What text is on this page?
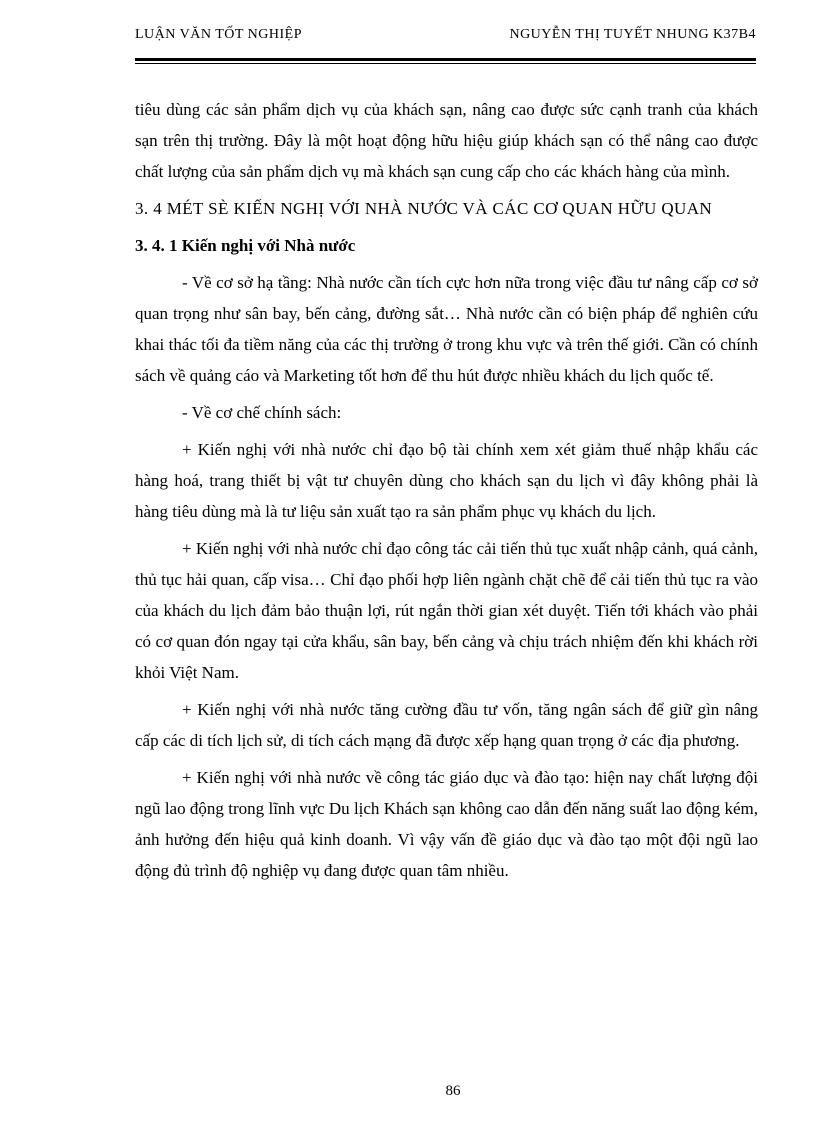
LUẬN VĂN TỐT NGHIỆP	NGUYỄN THỊ TUYẾT NHUNG K37B4

tiêu dùng các sản phẩm dịch vụ của khách sạn, nâng cao được sức cạnh tranh của khách sạn trên thị trường. Đây là một hoạt động hữu hiệu giúp khách sạn có thể nâng cao được chất lượng của sản phẩm dịch vụ mà khách sạn cung cấp cho các khách hàng của mình.

3. 4 MÉT SÈ KIẾN NGHỊ VỚI NHÀ NƯỚC VÀ CÁC CƠ QUAN HỮU QUAN

3. 4. 1 Kiến nghị với Nhà nước

- Về cơ sở hạ tầng: Nhà nước cần tích cực hơn nữa trong việc đầu tư nâng cấp cơ sở quan trọng như sân bay, bến cảng, đường sắt… Nhà nước cần có biện pháp để nghiên cứu khai thác tối đa tiềm năng của các thị trường ở trong khu vực và trên thế giới. Cần có chính sách về quảng cáo và Marketing tốt hơn để thu hút được nhiều khách du lịch quốc tế.

- Về cơ chế chính sách:

+ Kiến nghị với nhà nước chỉ đạo bộ tài chính xem xét giảm thuế nhập khẩu các hàng hoá, trang thiết bị vật tư chuyên dùng cho khách sạn du lịch vì đây không phải là hàng tiêu dùng mà là tư liệu sản xuất tạo ra sản phẩm phục vụ khách du lịch.

+ Kiến nghị với nhà nước chỉ đạo công tác cải tiến thủ tục xuất nhập cảnh, quá cảnh, thủ tục hải quan, cấp visa… Chỉ đạo phối hợp liên ngành chặt chẽ để cải tiến thủ tục ra vào của khách du lịch đảm bảo thuận lợi, rút ngắn thời gian xét duyệt. Tiến tới khách vào phải có cơ quan đón ngay tại cửa khẩu, sân bay, bến cảng và chịu trách nhiệm đến khi khách rời khỏi Việt Nam.

+ Kiến nghị với nhà nước tăng cường đầu tư vốn, tăng ngân sách để giữ gìn nâng cấp các di tích lịch sử, di tích cách mạng đã được xếp hạng quan trọng ở các địa phương.

+ Kiến nghị với nhà nước về công tác giáo dục và đào tạo: hiện nay chất lượng đội ngũ lao động trong lĩnh vực Du lịch Khách sạn không cao dẫn đến năng suất lao động kém, ảnh hưởng đến hiệu quả kinh doanh. Vì vậy vấn đề giáo dục và đào tạo một đội ngũ lao động đủ trình độ nghiệp vụ đang được quan tâm nhiều.

86
